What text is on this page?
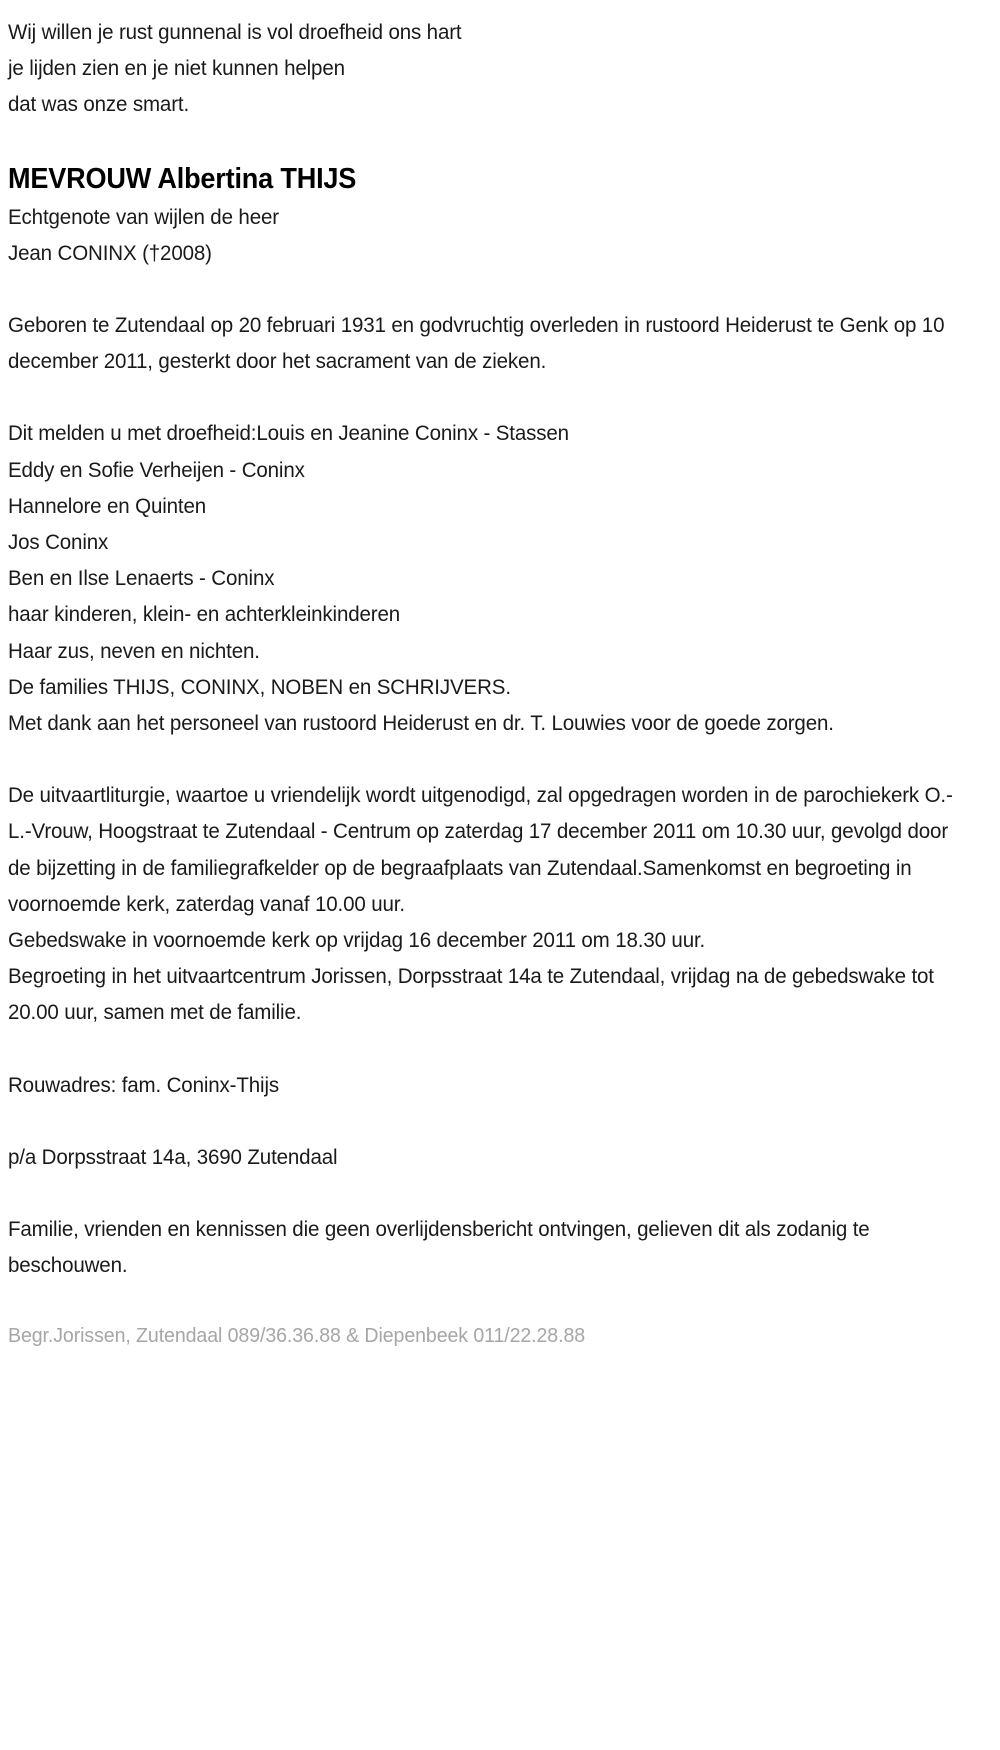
Wij willen je rust gunnenal is vol droefheid ons hart

je lijden zien en je niet kunnen helpen

dat was onze smart.

MEVROUW Albertina THIJS

Echtgenote van wijlen de heer

Jean CONINX (†2008)

Geboren te Zutendaal op 20 februari 1931 en godvruchtig overleden in rustoord Heiderust te Genk op 10 december 2011, gesterkt door het sacrament van de zieken.

Dit melden u met droefheid:Louis en Jeanine Coninx - Stassen

Eddy en Sofie Verheijen - Coninx

Hannelore en Quinten

Jos Coninx

Ben en Ilse Lenaerts - Coninx

haar kinderen, klein- en achterkleinkinderen

Haar zus, neven en nichten.

De families THIJS, CONINX, NOBEN en SCHRIJVERS.

Met dank aan het personeel van rustoord Heiderust en dr. T. Louwies voor de goede zorgen.

De uitvaartliturgie, waartoe u vriendelijk wordt uitgenodigd, zal opgedragen worden in de parochiekerk O.-L.-Vrouw, Hoogstraat te Zutendaal - Centrum op zaterdag 17 december 2011 om 10.30 uur, gevolgd door de bijzetting in de familiegrafkelder op de begraafplaats van Zutendaal.Samenkomst en begroeting in voornoemde kerk, zaterdag vanaf 10.00 uur.

Gebedswake in voornoemde kerk op vrijdag 16 december 2011 om 18.30 uur.

Begroeting in het uitvaartcentrum Jorissen, Dorpsstraat 14a te Zutendaal, vrijdag na de gebedswake tot 20.00 uur, samen met de familie.

Rouwadres: fam. Coninx-Thijs

p/a Dorpsstraat 14a, 3690 Zutendaal

Familie, vrienden en kennissen die geen overlijdensbericht ontvingen, gelieven dit als zodanig te beschouwen.

Begr.Jorissen, Zutendaal 089/36.36.88 & Diepenbeek 011/22.28.88
